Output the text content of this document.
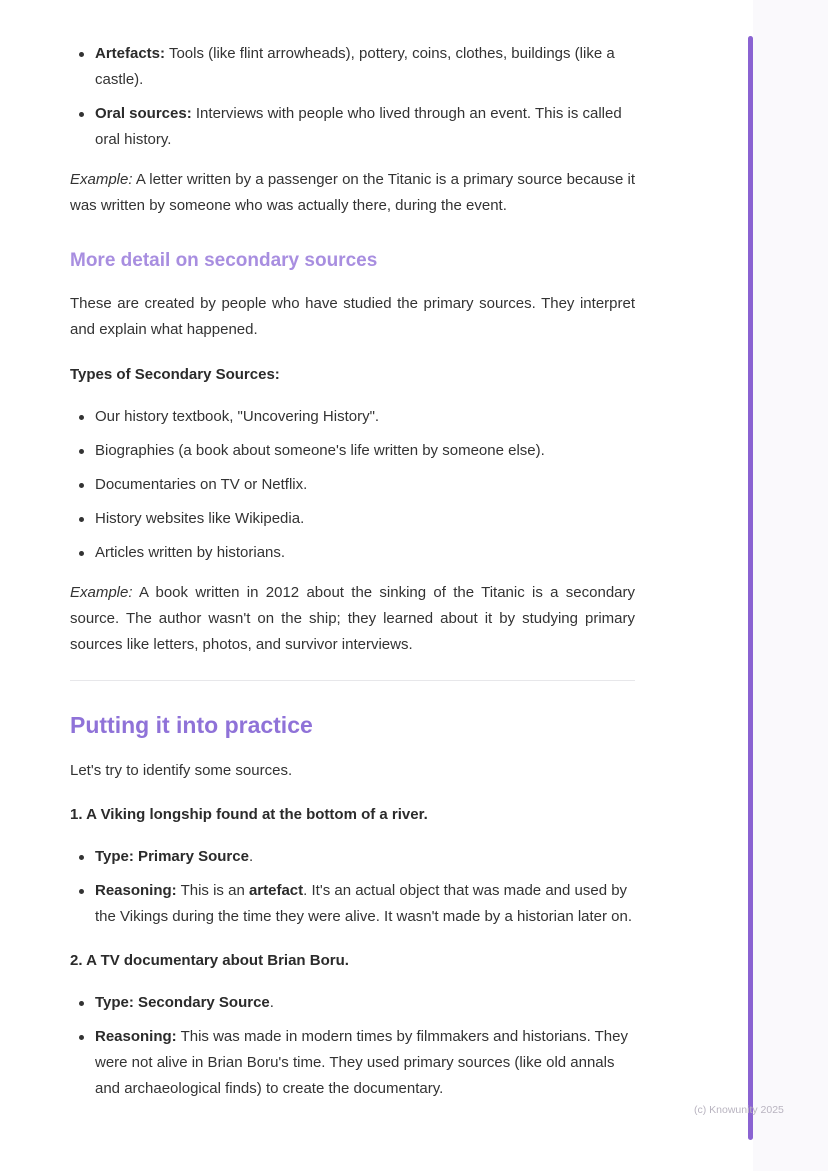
Artefacts: Tools (like flint arrowheads), pottery, coins, clothes, buildings (like a castle).
Oral sources: Interviews with people who lived through an event. This is called oral history.

Example: A letter written by a passenger on the Titanic is a primary source because it was written by someone who was actually there, during the event.

More detail on secondary sources

These are created by people who have studied the primary sources. They interpret and explain what happened.

Types of Secondary Sources:

Our history textbook, "Uncovering History".
Biographies (a book about someone's life written by someone else).
Documentaries on TV or Netflix.
History websites like Wikipedia.
Articles written by historians.

Example: A book written in 2012 about the sinking of the Titanic is a secondary source. The author wasn't on the ship; they learned about it by studying primary sources like letters, photos, and survivor interviews.

Putting it into practice

Let's try to identify some sources.

1. A Viking longship found at the bottom of a river.

Type: Primary Source.
Reasoning: This is an artefact. It's an actual object that was made and used by the Vikings during the time they were alive. It wasn't made by a historian later on.

2. A TV documentary about Brian Boru.

Type: Secondary Source.
Reasoning: This was made in modern times by filmmakers and historians. They were not alive in Brian Boru's time. They used primary sources (like old annals and archaeological finds) to create the documentary.
(c) Knowunity 2025
